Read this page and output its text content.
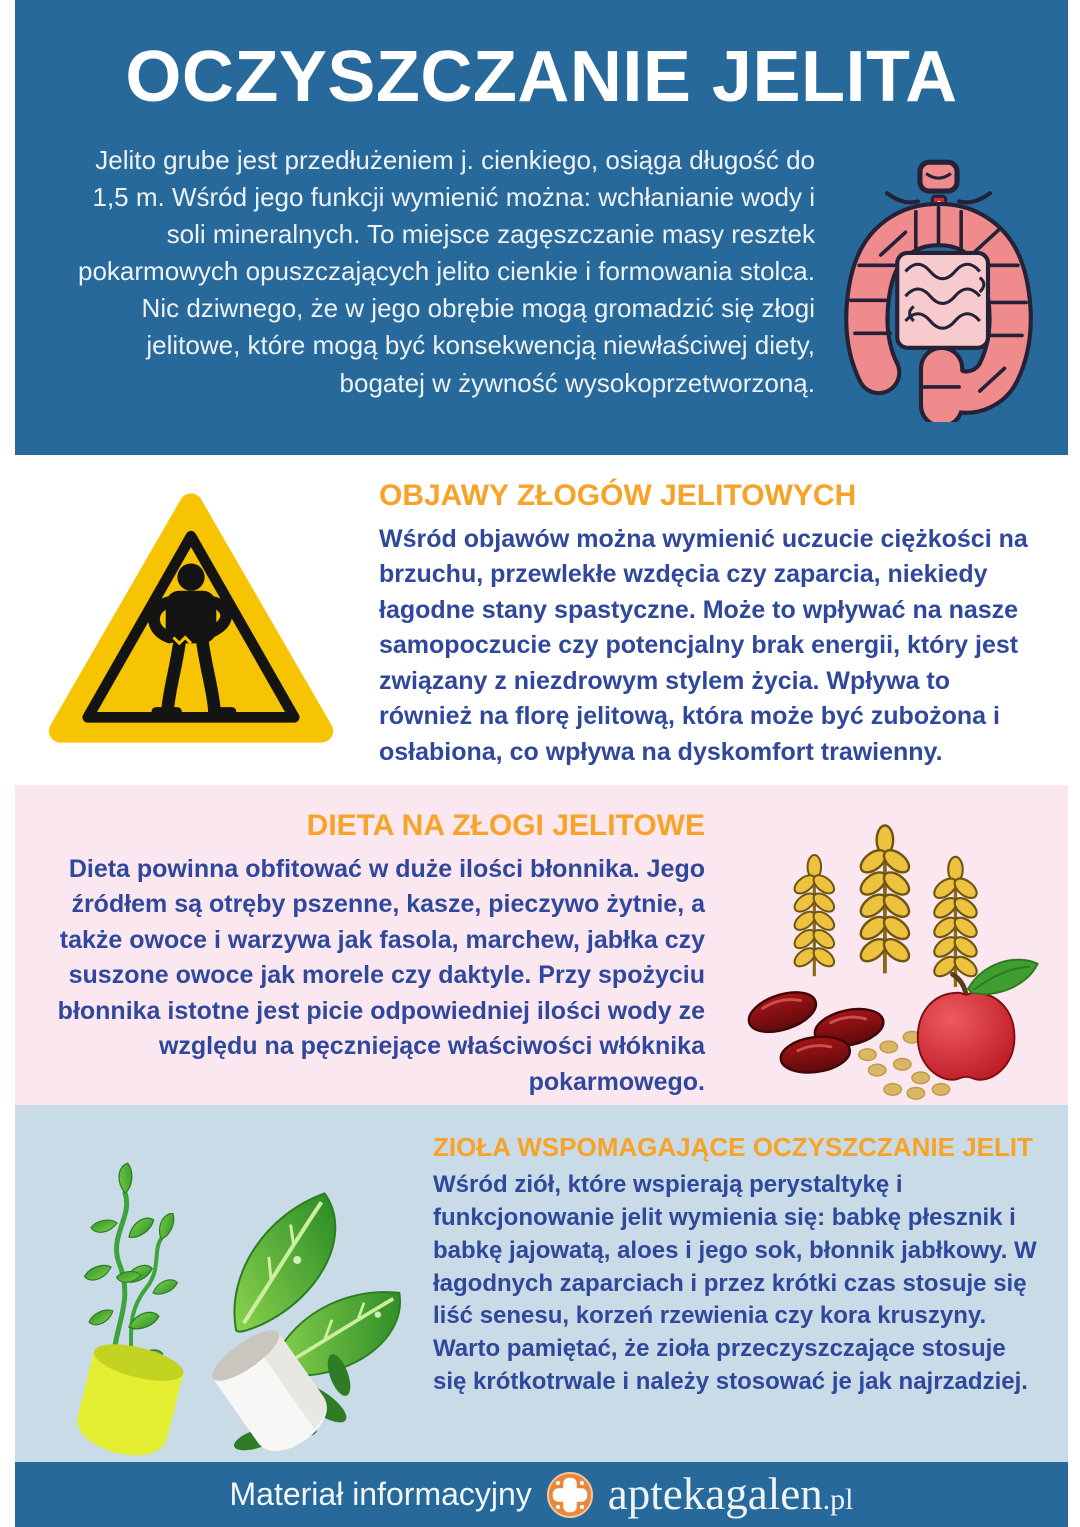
OCZYSZCZANIE JELITA

Jelito grube jest przedłużeniem j. cienkiego, osiąga długość do 1,5 m. Wśród jego funkcji wymienić można: wchłanianie wody i soli mineralnych. To miejsce zagęszczanie masy resztek pokarmowych opuszczających jelito cienkie i formowania stolca. Nic dziwnego, że w jego obrębie mogą gromadzić się złogi jelitowe, które mogą być konsekwencją niewłaściwej diety, bogatej w żywność wysokoprzetworzoną.

OBJAWY ZŁOGÓW JELITOWYCH

Wśród objawów można wymienić uczucie ciężkości na brzuchu, przewlekłe wzdęcia czy zaparcia, niekiedy łagodne stany spastyczne. Może to wpływać na nasze samopoczucie czy potencjalny brak energii, który jest związany z niezdrowym stylem życia. Wpływa to również na florę jelitową, która może być zubożona i osłabiona, co wpływa na dyskomfort trawienny.

DIETA NA ZŁOGI JELITOWE

Dieta powinna obfitować w duże ilości błonnika. Jego źródłem są otręby pszenne, kasze, pieczywo żytnie, a także owoce i warzywa jak fasola, marchew, jabłka czy suszone owoce jak morele czy daktyle. Przy spożyciu błonnika istotne jest picie odpowiedniej ilości wody ze względu na pęczniejące właściwości włóknika pokarmowego.

ZIOŁA WSPOMAGAJĄCE OCZYSZCZANIE JELIT

Wśród ziół, które wspierają perystaltykę i funkcjonowanie jelit wymienia się: babkę płesznik i babkę jajowatą, aloes i jego sok, błonnik jabłkowy. W łagodnych zaparciach i przez krótki czas stosuje się liść senesu, korzeń rzewienia czy kora kruszyny. Warto pamiętać, że zioła przeczyszczające stosuje się krótkotrwale i należy stosować je jak najrzadziej.

Materiał informacyjny aptekagalen.pl
